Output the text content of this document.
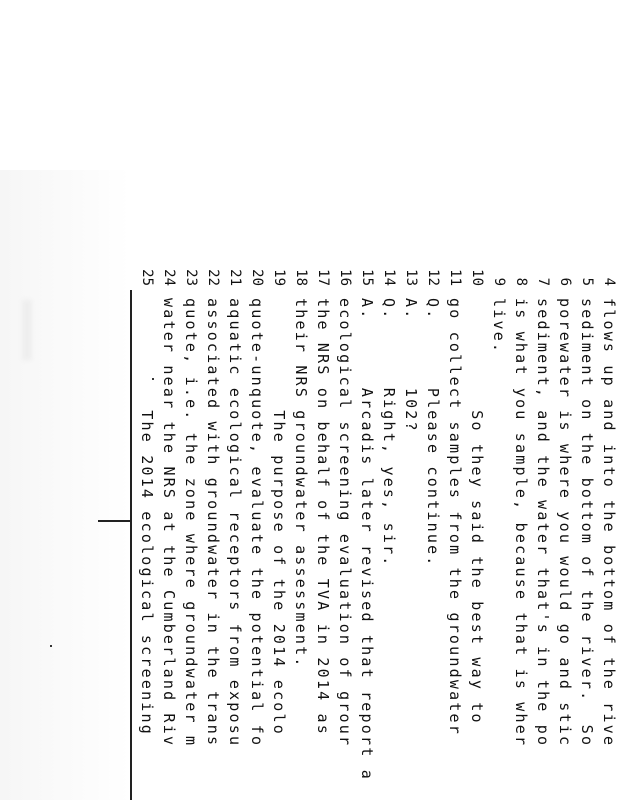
4
flows up and into the bottom of the rive
5
sediment on the bottom of the river.  So
6
porewater is where you would go and stic
7
sediment, and the water that's in the po
8
is what you sample, because that is wher
9
live.
10
So they said the best way to
11
go collect samples from the groundwater
12
Q.      Please continue.
13
A.      102?
14
Q.      Right, yes, sir.
15
A.      Arcadis later revised that report a
16
ecological screening evaluation of grour
17
the NRS on behalf of the TVA in 2014 as
18
their NRS groundwater assessment.
19
The purpose of the 2014 ecolo
20
quote-unquote, evaluate the potential fo
21
aquatic ecological receptors from exposu
22
associated with groundwater in the trans
23
quote, i.e. the zone where groundwater m
24
water near the NRS at the Cumberland Riv
25
The 2014 ecological screening
